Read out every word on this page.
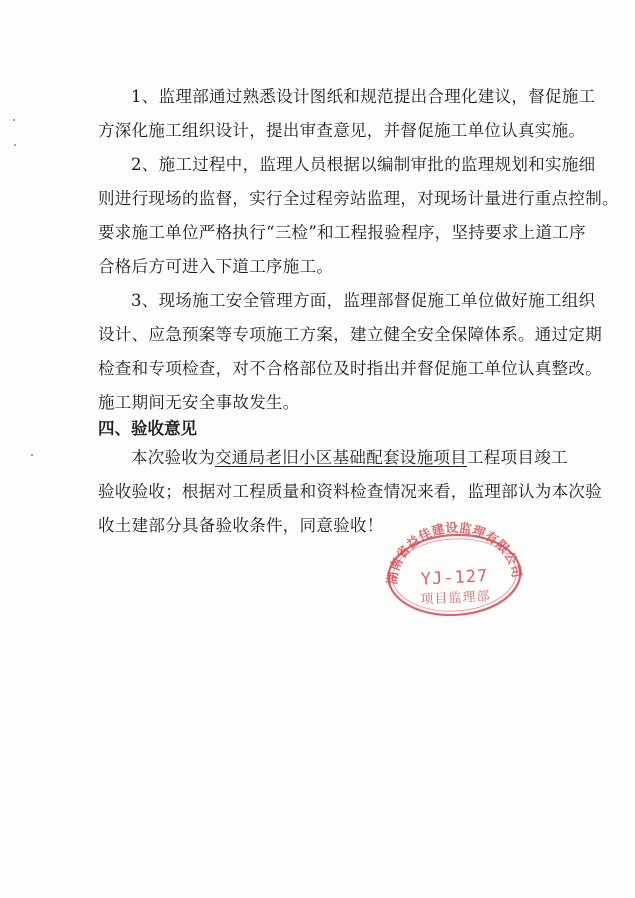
1、监理部通过熟悉设计图纸和规范提出合理化建议，督促施工
方深化施工组织设计，提出审查意见，并督促施工单位认真实施。

2、施工过程中，监理人员根据以编制审批的监理规划和实施细
则进行现场的监督，实行全过程旁站监理，对现场计量进行重点控制。
要求施工单位严格执行“三检”和工程报验程序，坚持要求上道工序
合格后方可进入下道工序施工。

3、现场施工安全管理方面，监理部督促施工单位做好施工组织
设计、应急预案等专项施工方案，建立健全安全保障体系。通过定期
检查和专项检查，对不合格部位及时指出并督促施工单位认真整改。
施工期间无安全事故发生。

四、验收意见

本次验收为交通局老旧小区基础配套设施项目工程项目竣工
验收验收；根据对工程质量和资料检查情况来看，监理部认为本次验
收土建部分具备验收条件，同意验收！

湖南省益佳建设监理有限公司
YJ-127
项目监理部
